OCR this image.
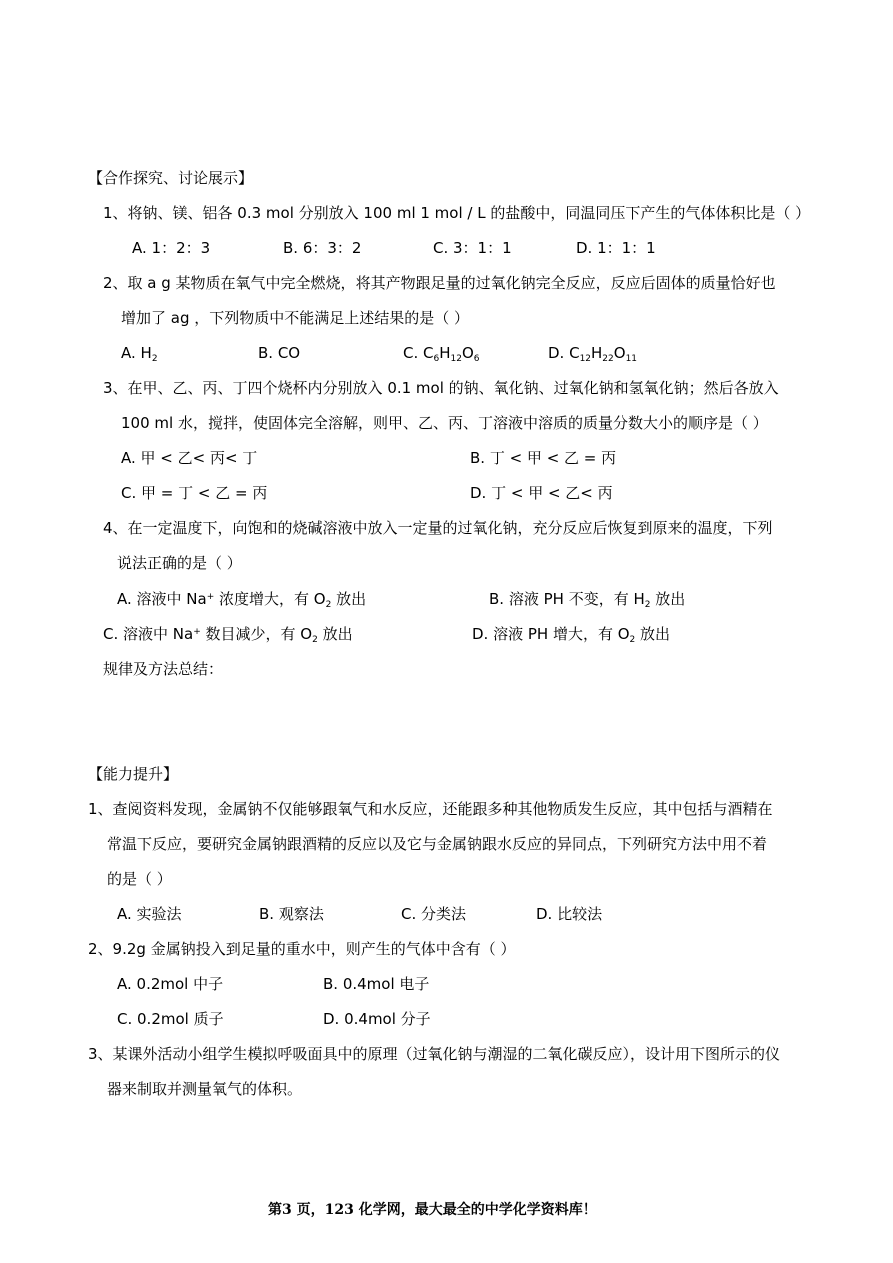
【合作探究、讨论展示】
1、将钠、镁、铝各 0.3 mol 分别放入 100 ml 1 mol / L 的盐酸中，同温同压下产生的气体体积比是（ ）
A. 1：2：3	B. 6：3：2	C. 3：1：1	D. 1：1：1
2、取 a g 某物质在氧气中完全燃烧，将其产物跟足量的过氧化钠完全反应，反应后固体的质量恰好也
增加了 ag ，下列物质中不能满足上述结果的是（ ）
A. $H_2$	B. CO	C. $C_6H_{12}O_6$	D. $C_{12}H_{22}O_{11}$
3、在甲、乙、丙、丁四个烧杯内分别放入 0.1 mol 的钠、氧化钠、过氧化钠和氢氧化钠；然后各放入
100 ml 水，搅拌，使固体完全溶解，则甲、乙、丙、丁溶液中溶质的质量分数大小的顺序是（ ）
A. 甲 < 乙< 丙< 丁	B. 丁 < 甲 < 乙 = 丙
C. 甲 = 丁 < 乙 = 丙	D. 丁 < 甲 < 乙< 丙
4、在一定温度下，向饱和的烧碱溶液中放入一定量的过氧化钠，充分反应后恢复到原来的温度，下列
说法正确的是（ ）
A. 溶液中 Na+ 浓度增大，有 $O_2$ 放出	B. 溶液 PH 不变，有 $H_2$ 放出
C. 溶液中 Na+ 数目减少，有 $O_2$ 放出	D. 溶液 PH 增大，有 $O_2$ 放出
规律及方法总结：
【能力提升】
1、查阅资料发现，金属钠不仅能够跟氧气和水反应，还能跟多种其他物质发生反应，其中包括与酒精在
常温下反应，要研究金属钠跟酒精的反应以及它与金属钠跟水反应的异同点，下列研究方法中用不着
的是（ ）
A. 实验法	B. 观察法	C. 分类法	D. 比较法
2、9.2g 金属钠投入到足量的重水中，则产生的气体中含有（ ）
A. 0.2mol 中子	B. 0.4mol 电子
C. 0.2mol 质子	D. 0.4mol 分子
3、某课外活动小组学生模拟呼吸面具中的原理（过氧化钠与潮湿的二氧化碳反应），设计用下图所示的仪
器来制取并测量氧气的体积。
第3 页，123 化学网，最大最全的中学化学资料库！
